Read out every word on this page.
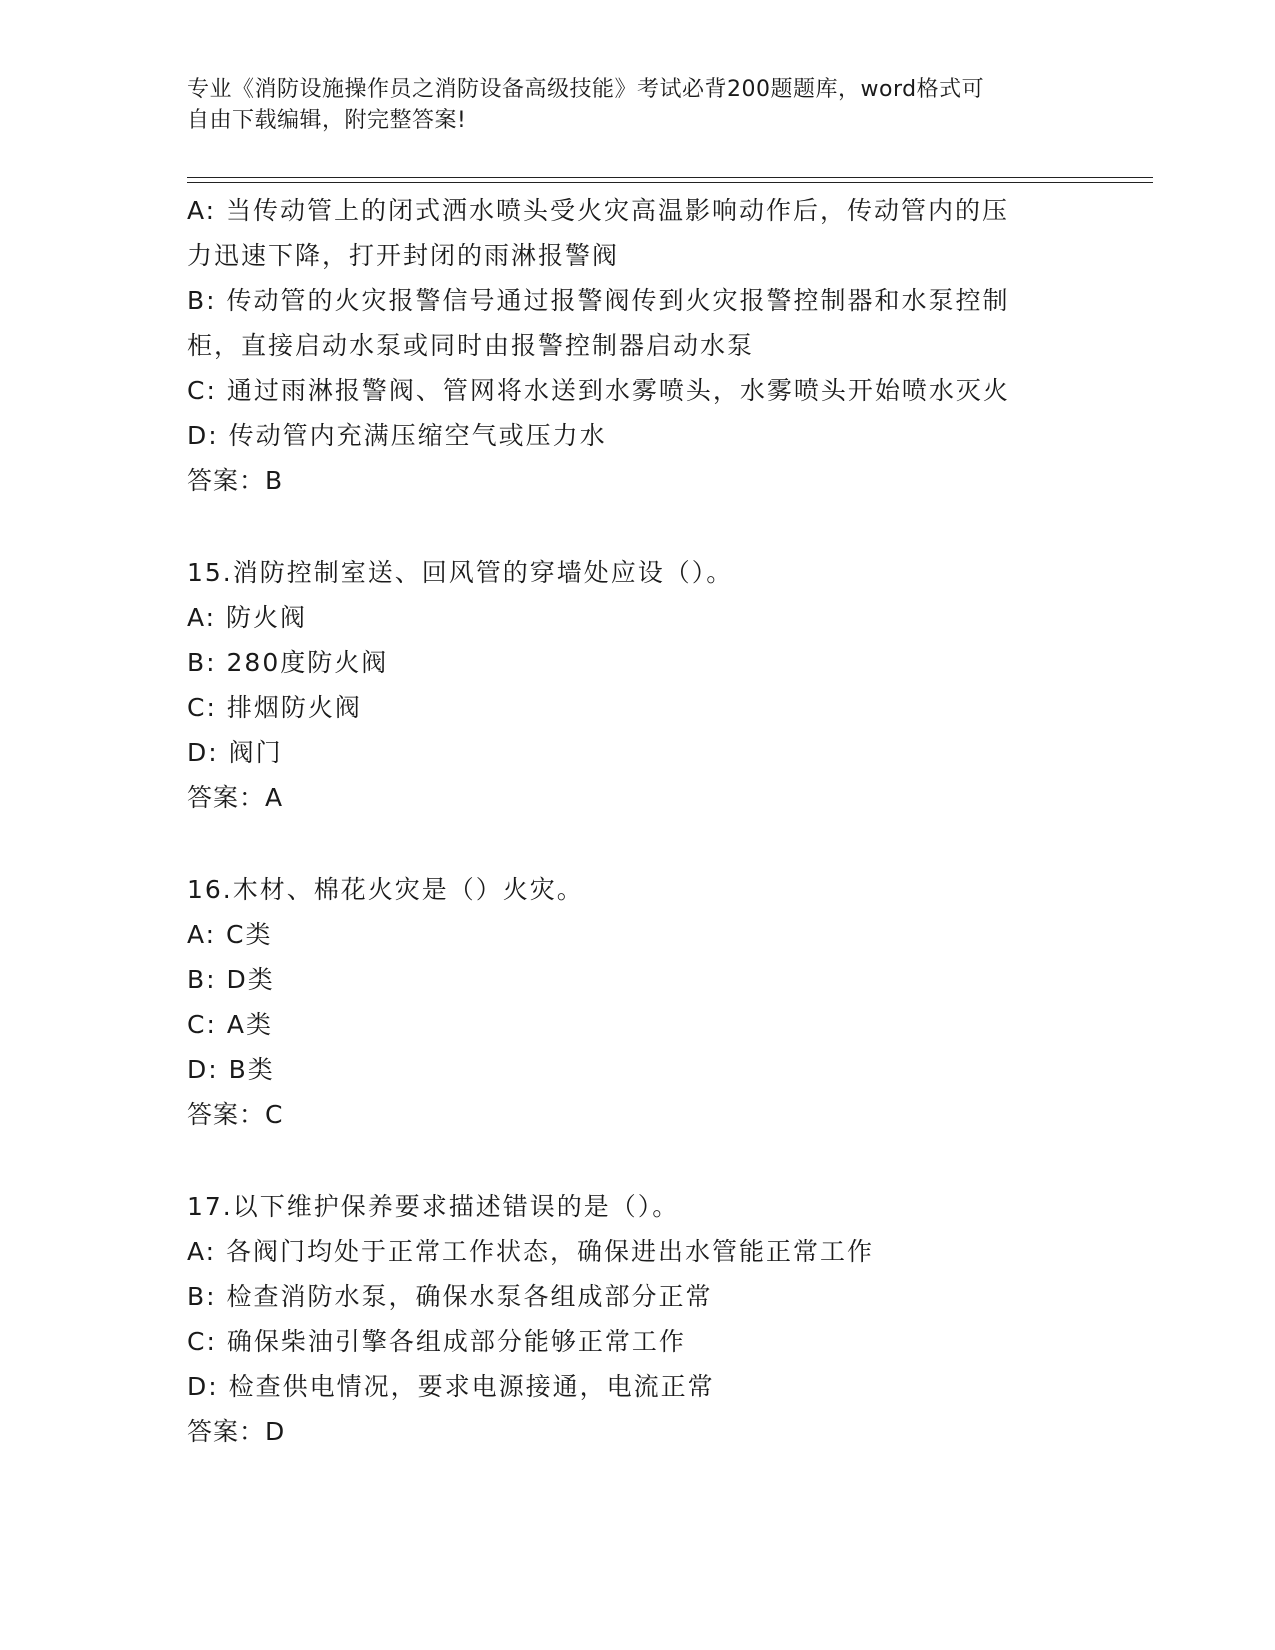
专业《消防设施操作员之消防设备高级技能》考试必背200题题库，word格式可
自由下载编辑，附完整答案!
A: 当传动管上的闭式洒水喷头受火灾高温影响动作后，传动管内的压
力迅速下降，打开封闭的雨淋报警阀
B: 传动管的火灾报警信号通过报警阀传到火灾报警控制器和水泵控制
柜，直接启动水泵或同时由报警控制器启动水泵
C: 通过雨淋报警阀、管网将水送到水雾喷头，水雾喷头开始喷水灭火
D: 传动管内充满压缩空气或压力水
答案：B
15.消防控制室送、回风管的穿墙处应设（）。
A: 防火阀
B: 280度防火阀
C: 排烟防火阀
D: 阀门
答案：A
16.木材、棉花火灾是（）火灾。
A: C类
B: D类
C: A类
D: B类
答案：C
17.以下维护保养要求描述错误的是（）。
A: 各阀门均处于正常工作状态，确保进出水管能正常工作
B: 检查消防水泵，确保水泵各组成部分正常
C: 确保柴油引擎各组成部分能够正常工作
D: 检查供电情况，要求电源接通，电流正常
答案：D
